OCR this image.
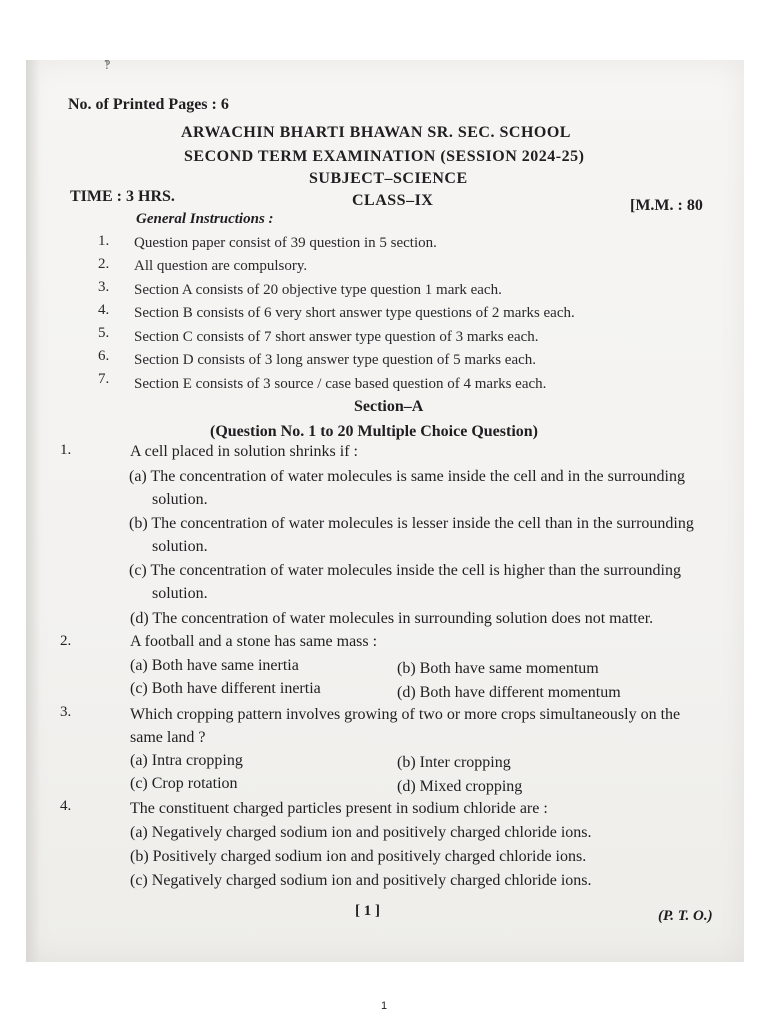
‽
No. of Printed Pages : 6
ARWACHIN BHARTI BHAWAN SR. SEC. SCHOOL
SECOND TERM EXAMINATION (SESSION 2024-25)
SUBJECT–SCIENCE
TIME : 3 HRS.	CLASS–IX	[M.M. : 80
General Instructions :
1. Question paper consist of 39 question in 5 section.
2. All question are compulsory.
3. Section A consists of 20 objective type question 1 mark each.
4. Section B consists of 6 very short answer type questions of 2 marks each.
5. Section C consists of 7 short answer type question of 3 marks each.
6. Section D consists of 3 long answer type question of 5 marks each.
7. Section E consists of 3 source / case based question of 4 marks each.
Section–A
(Question No. 1 to 20 Multiple Choice Question)
1.	A cell placed in solution shrinks if :
(a) The concentration of water molecules is same inside the cell and in the surrounding
solution.
(b) The concentration of water molecules is lesser inside the cell than in the surrounding
solution.
(c) The concentration of water molecules inside the cell is higher than the surrounding
solution.
(d) The concentration of water molecules in surrounding solution does not matter.
2.	A football and a stone has same mass :
(a) Both have same inertia	(b) Both have same momentum
(c) Both have different inertia	(d) Both have different momentum
3.	Which cropping pattern involves growing of two or more crops simultaneously on the
same land ?
(a) Intra cropping	(b) Inter cropping
(c) Crop rotation	(d) Mixed cropping
4.	The constituent charged particles present in sodium chloride are :
(a) Negatively charged sodium ion and positively charged chloride ions.
(b) Positively charged sodium ion and positively charged chloride ions.
(c) Negatively charged sodium ion and positively charged chloride ions.
[ 1 ]	(P. T. O.)
1
